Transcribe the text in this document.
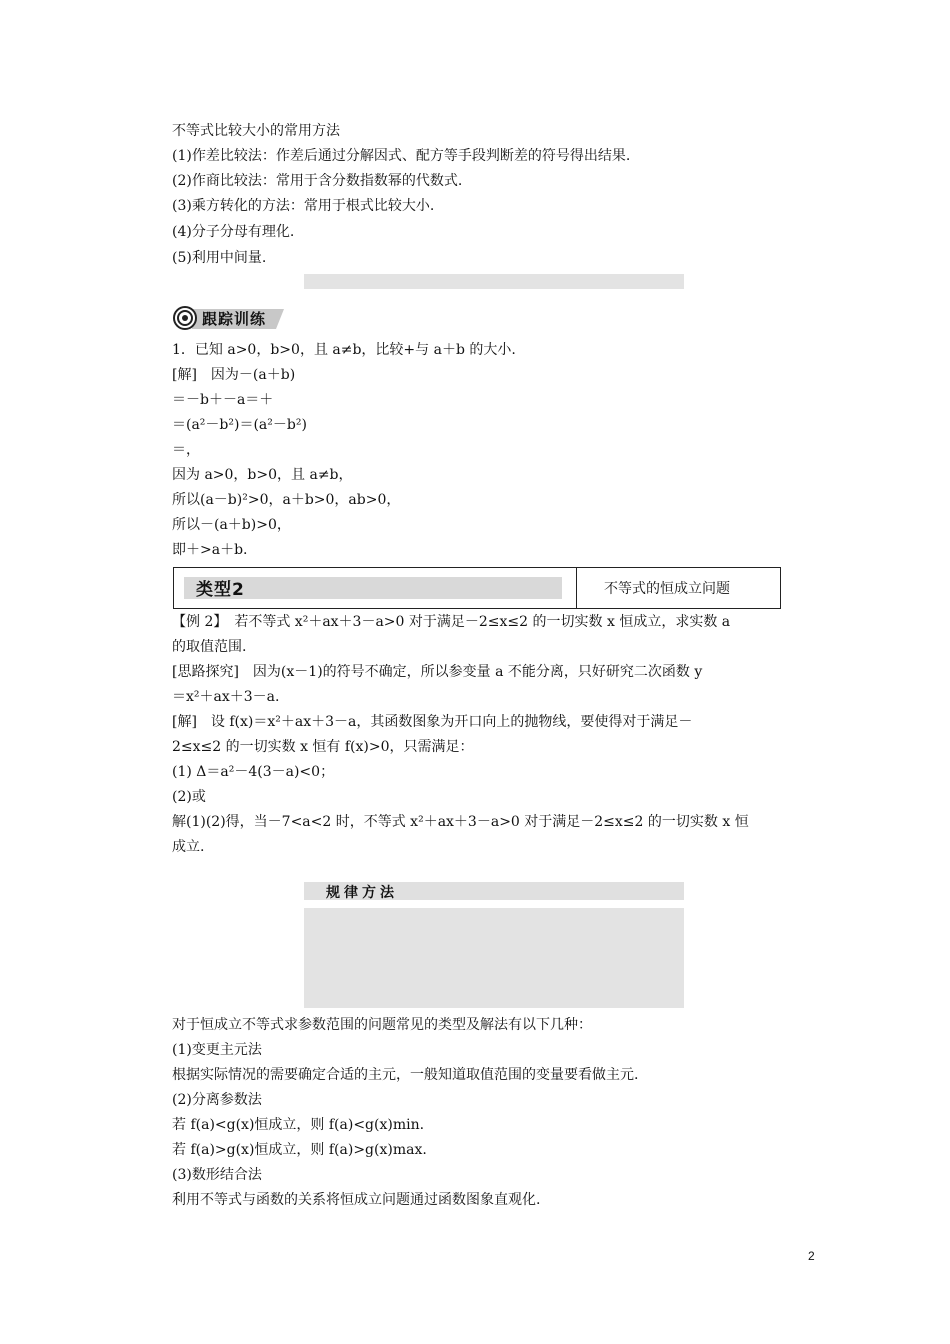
不等式比较大小的常用方法
(1)作差比较法：作差后通过分解因式、配方等手段判断差的符号得出结果.
(2)作商比较法：常用于含分数指数幂的代数式.
(3)乘方转化的方法：常用于根式比较大小.
(4)分子分母有理化.
(5)利用中间量.
跟踪训练
1．已知 a>0，b>0，且 a≠b，比较+与 a＋b 的大小.
[解]　因为－(a＋b)
＝－b＋－a＝＋
＝(a²－b²)＝(a²－b²)
＝，
因为 a>0，b>0，且 a≠b，
所以(a－b)²>0，a＋b>0，ab>0，
所以－(a＋b)>0，
即＋>a＋b.
类型2	不等式的恒成立问题
【例 2】　若不等式 x²＋ax＋3－a>0 对于满足－2≤x≤2 的一切实数 x 恒成立，求实数 a
的取值范围.
[思路探究]　因为(x－1)的符号不确定，所以参变量 a 不能分离，只好研究二次函数 y
＝x²＋ax＋3－a.
[解]　设 f(x)＝x²＋ax＋3－a，其函数图象为开口向上的抛物线，要使得对于满足－
2≤x≤2 的一切实数 x 恒有 f(x)>0，只需满足：
(1) Δ＝a²－4(3－a)<0；
(2)或
解(1)(2)得，当－7<a<2 时，不等式 x²＋ax＋3－a>0 对于满足－2≤x≤2 的一切实数 x 恒
成立.
规律方法
对于恒成立不等式求参数范围的问题常见的类型及解法有以下几种：
(1)变更主元法
根据实际情况的需要确定合适的主元，一般知道取值范围的变量要看做主元.
(2)分离参数法
若 f(a)<g(x)恒成立，则 f(a)<g(x)min.
若 f(a)>g(x)恒成立，则 f(a)>g(x)max.
(3)数形结合法
利用不等式与函数的关系将恒成立问题通过函数图象直观化.
2
